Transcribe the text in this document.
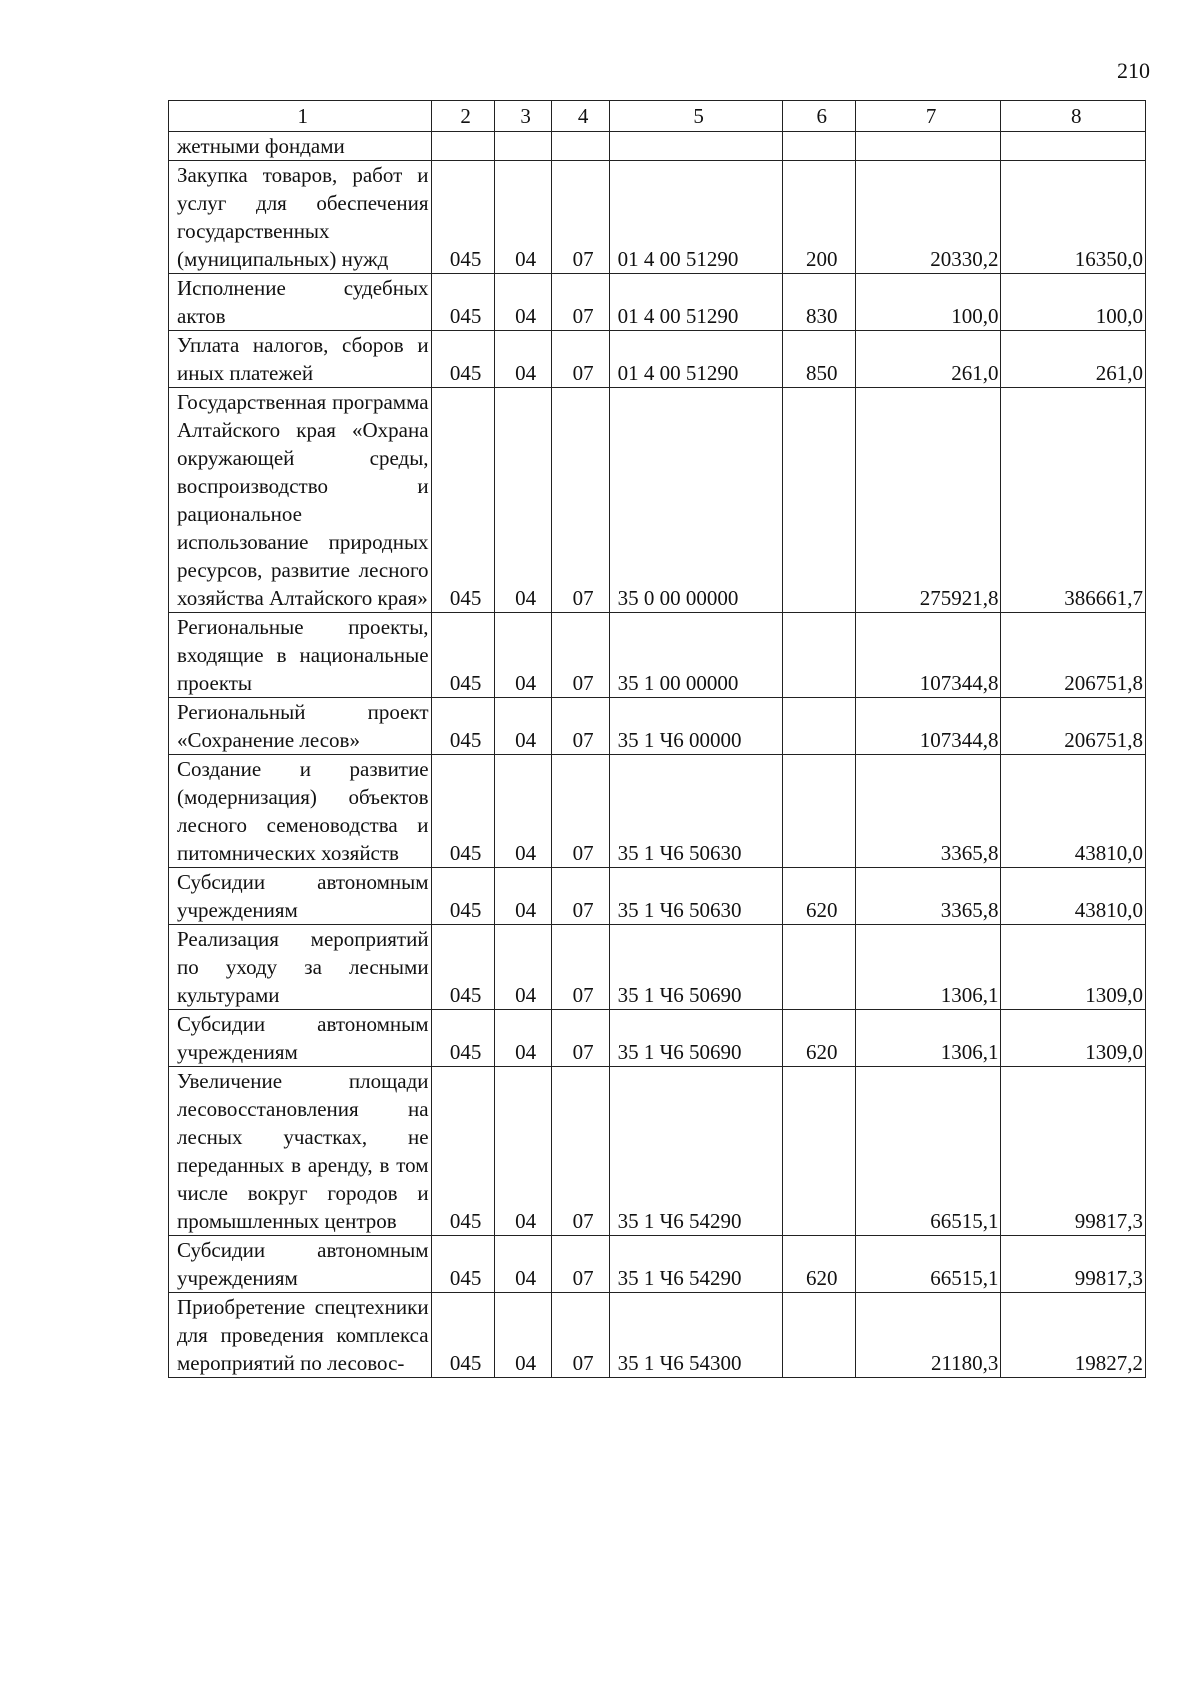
210
1	2	3	4	5	6	7	8
жетными фондами							
Закупка товаров, работ и услуг для обеспечения государственных (муниципальных) нужд	045	04	07	01 4 00 51290	200	20330,2	16350,0
Исполнение судебных актов	045	04	07	01 4 00 51290	830	100,0	100,0
Уплата налогов, сборов и иных платежей	045	04	07	01 4 00 51290	850	261,0	261,0
Государственная программа Алтайского края «Охрана окружающей среды, воспроизводство и рациональное использование природных ресурсов, развитие лесного хозяйства Алтайского края»	045	04	07	35 0 00 00000		275921,8	386661,7
Региональные проекты, входящие в национальные проекты	045	04	07	35 1 00 00000		107344,8	206751,8
Региональный проект «Сохранение лесов»	045	04	07	35 1 Ч6 00000		107344,8	206751,8
Создание и развитие (модернизация) объектов лесного семеноводства и питомнических хозяйств	045	04	07	35 1 Ч6 50630		3365,8	43810,0
Субсидии автономным учреждениям	045	04	07	35 1 Ч6 50630	620	3365,8	43810,0
Реализация мероприятий по уходу за лесными культурами	045	04	07	35 1 Ч6 50690		1306,1	1309,0
Субсидии автономным учреждениям	045	04	07	35 1 Ч6 50690	620	1306,1	1309,0
Увеличение площади лесовосстановления на лесных участках, не переданных в аренду, в том числе вокруг городов и промышленных центров	045	04	07	35 1 Ч6 54290		66515,1	99817,3
Субсидии автономным учреждениям	045	04	07	35 1 Ч6 54290	620	66515,1	99817,3
Приобретение спецтехники для проведения комплекса мероприятий по лесовос-	045	04	07	35 1 Ч6 54300		21180,3	19827,2
